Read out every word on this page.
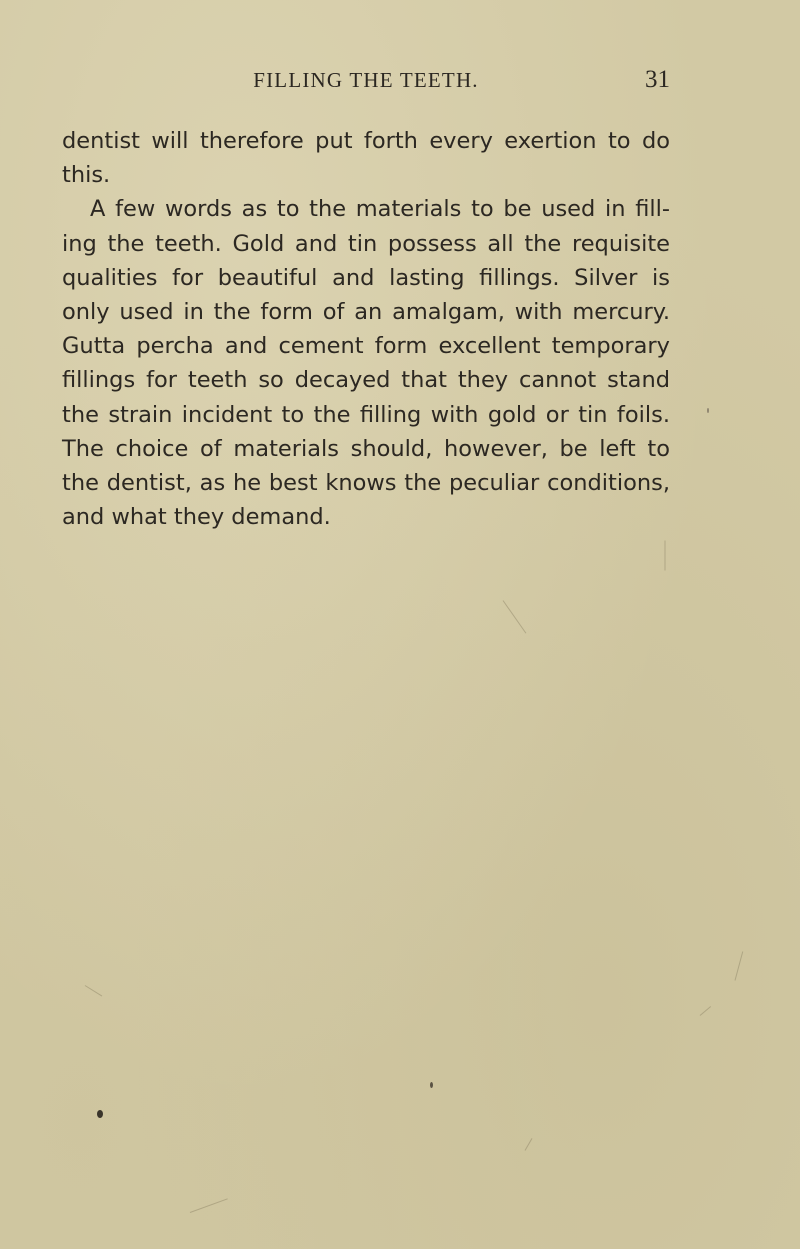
FILLING THE TEETH.	31

dentist will therefore put forth every exertion to do this.

A few words as to the materials to be used in fill-ing the teeth. Gold and tin possess all the requisite qualities for beautiful and lasting fillings. Silver is only used in the form of an amalgam, with mercury. Gutta percha and cement form excellent temporary fillings for teeth so decayed that they cannot stand the strain incident to the filling with gold or tin foils. The choice of materials should, however, be left to the dentist, as he best knows the peculiar conditions, and what they demand.
